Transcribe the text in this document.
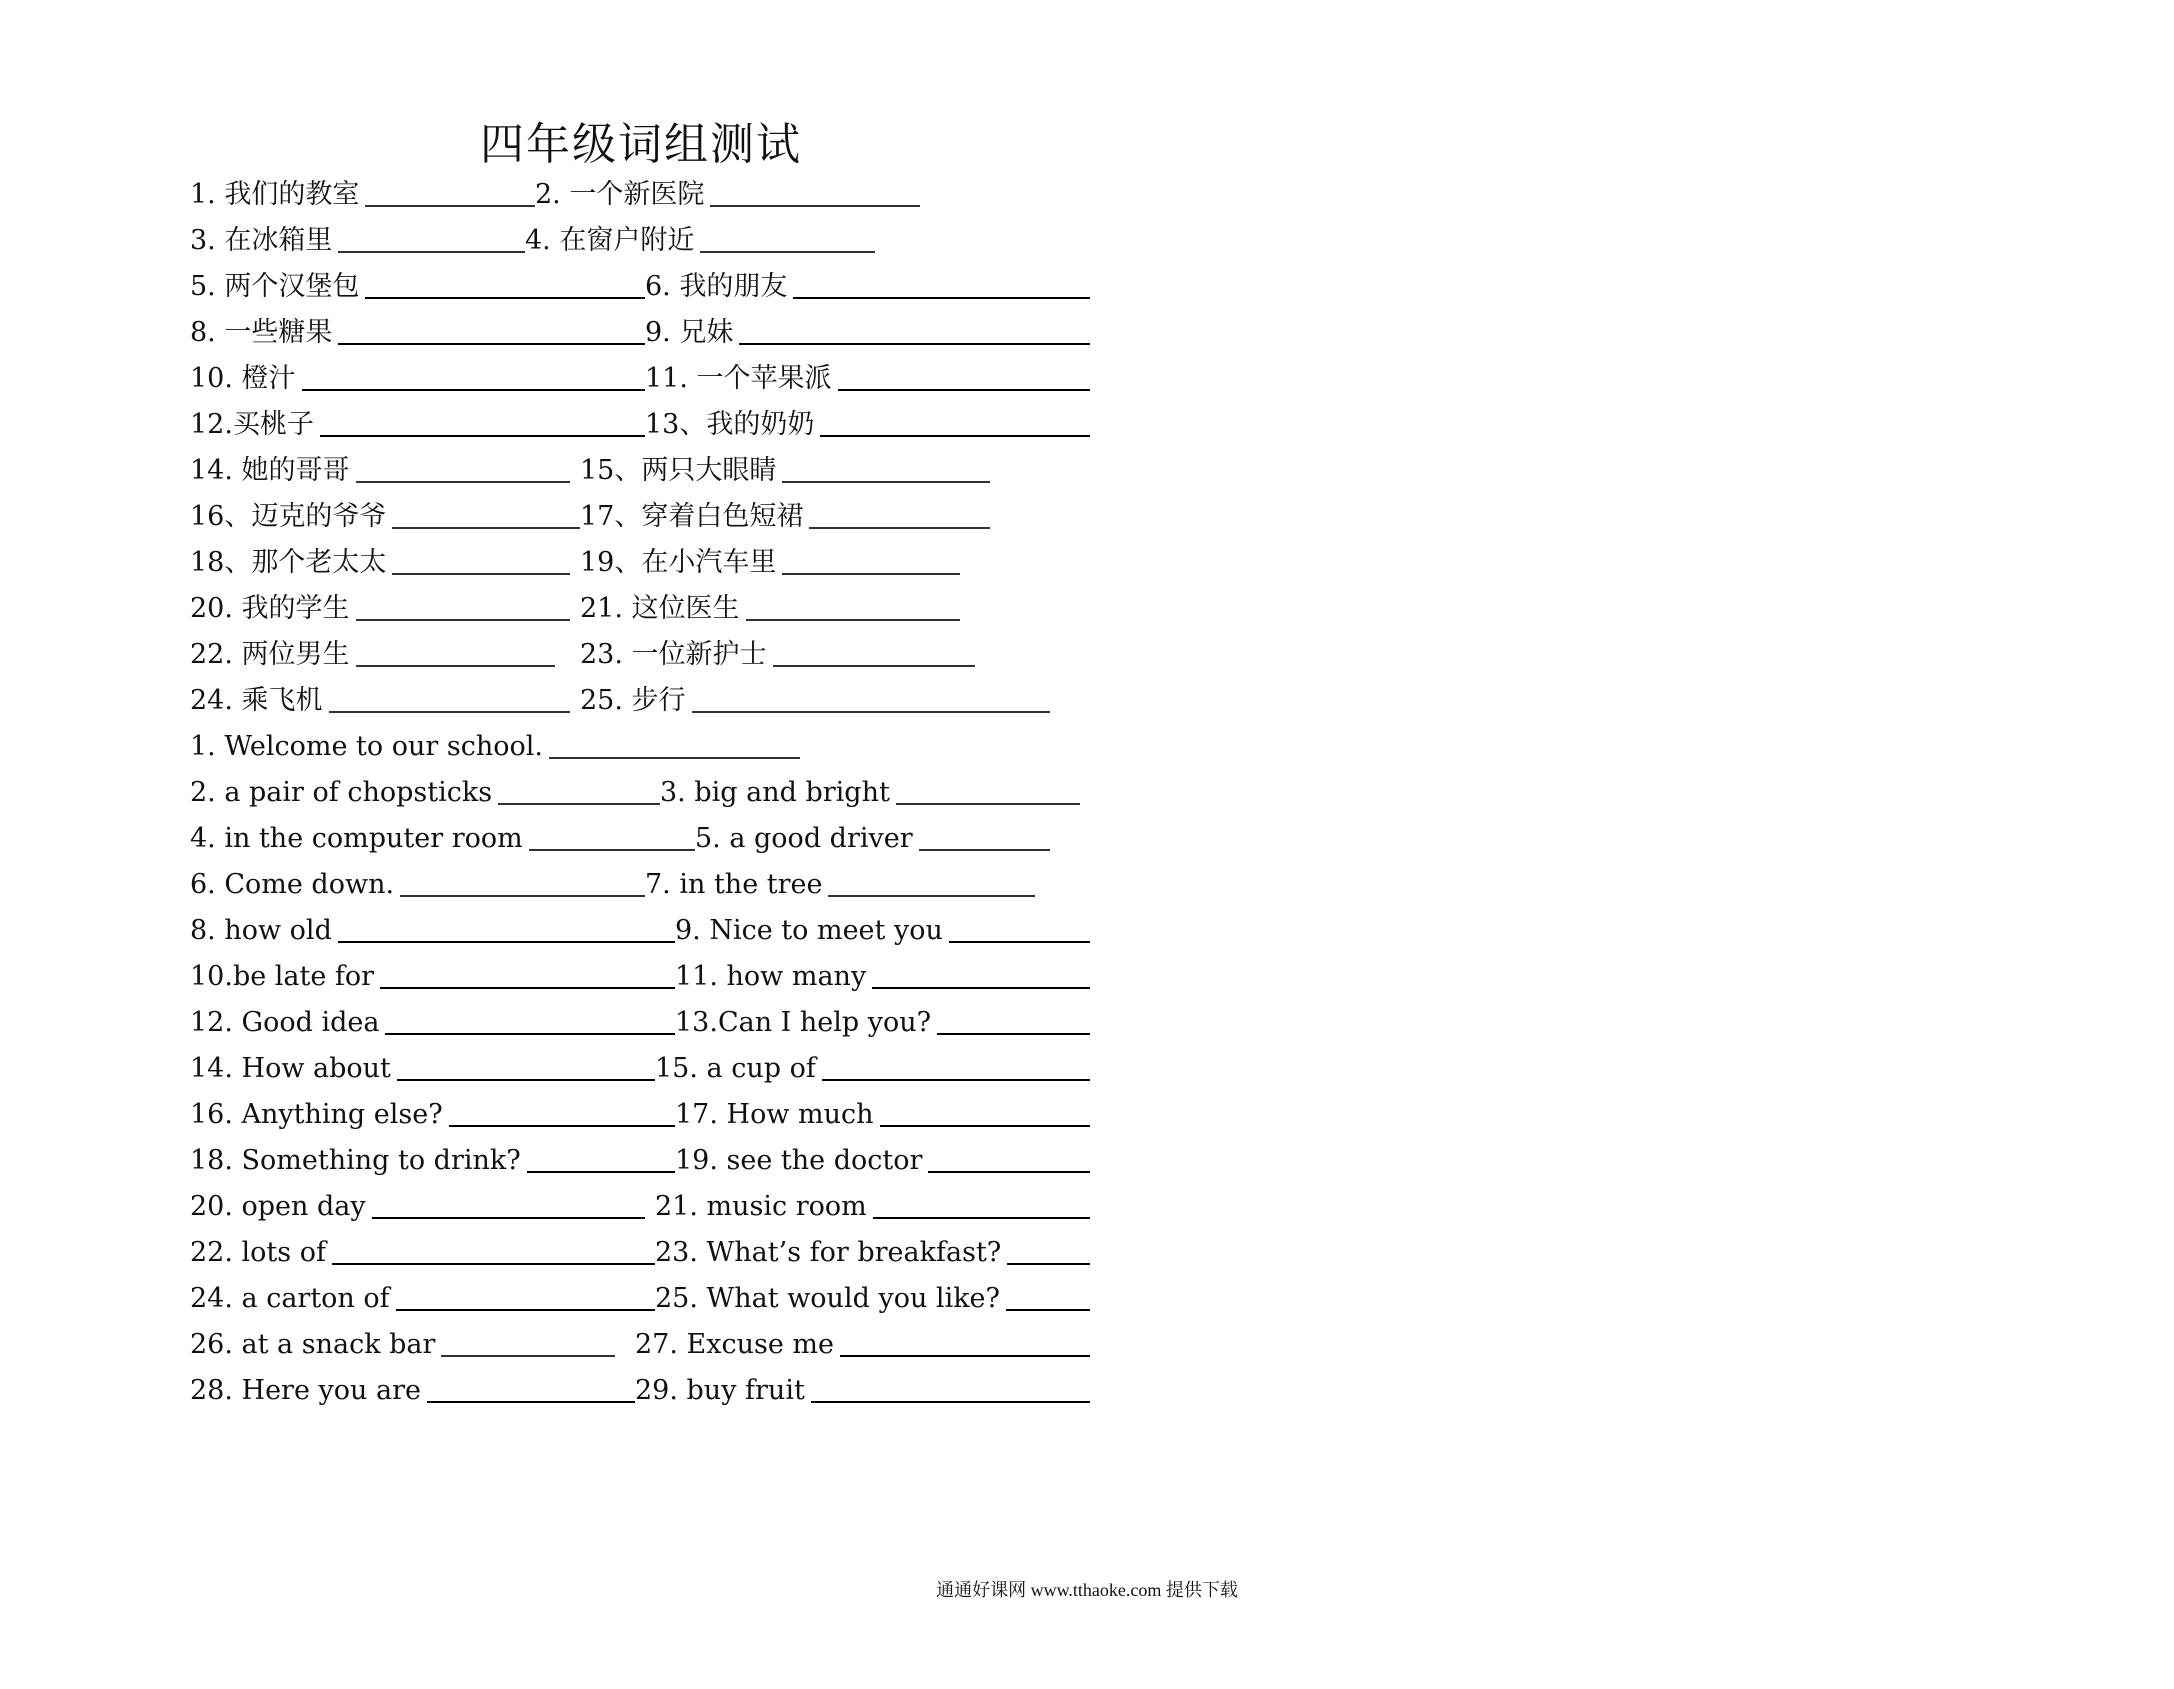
四年级词组测试
1. 我们的教室	2. 一个新医院
3. 在冰箱里	4. 在窗户附近
5. 两个汉堡包	6. 我的朋友
8. 一些糖果	9. 兄妹
10. 橙汁	11. 一个苹果派
12.买桃子	13、我的奶奶
14. 她的哥哥	15、两只大眼睛
16、迈克的爷爷	17、穿着白色短裙
18、那个老太太	19、在小汽车里
20. 我的学生	21. 这位医生
22. 两位男生	23. 一位新护士
24. 乘飞机	25. 步行
1. Welcome to our school.
2. a pair of chopsticks	3. big and bright
4. in the computer room	5. a good driver
6. Come down.	7. in the tree
8. how old	9. Nice to meet you
10.be late for	11. how many
12. Good idea	13.Can I help you?
14. How about	15. a cup of
16. Anything else?	17. How much
18. Something to drink?	19. see the doctor
20. open day	21. music room
22. lots of	23. What’s for breakfast?
24. a carton of	25. What would you like?
26. at a snack bar	27. Excuse me
28. Here you are	29. buy fruit
通通好课网 www.tthaoke.com 提供下载
